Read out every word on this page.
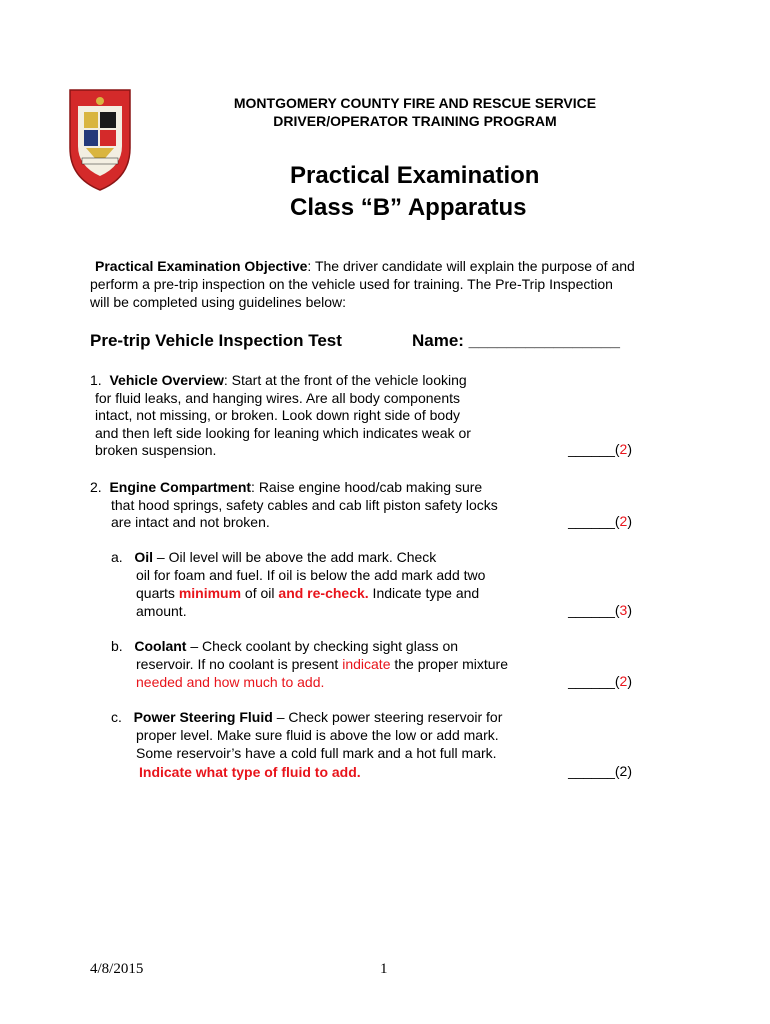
MONTGOMERY COUNTY FIRE AND RESCUE SERVICE
DRIVER/OPERATOR TRAINING PROGRAM
Practical Examination
Class “B” Apparatus
Practical Examination Objective: The driver candidate will explain the purpose of and
perform a pre-trip inspection on the vehicle used for training. The Pre-Trip Inspection
will be completed using guidelines below:
Pre-trip Vehicle Inspection Test	Name: ________________
1. Vehicle Overview: Start at the front of the vehicle looking
for fluid leaks, and hanging wires. Are all body components
intact, not missing, or broken. Look down right side of body
and then left side looking for leaning which indicates weak or
broken suspension.	______(2)
2. Engine Compartment: Raise engine hood/cab making sure
that hood springs, safety cables and cab lift piston safety locks
are intact and not broken.	______(2)
a. Oil – Oil level will be above the add mark. Check
oil for foam and fuel. If oil is below the add mark add two
quarts minimum of oil and re-check. Indicate type and
amount.	______(3)
b. Coolant – Check coolant by checking sight glass on
reservoir. If no coolant is present indicate the proper mixture
needed and how much to add.	______(2)
c. Power Steering Fluid – Check power steering reservoir for
proper level. Make sure fluid is above the low or add mark.
Some reservoir’s have a cold full mark and a hot full mark.
Indicate what type of fluid to add.	______(2)
4/8/2015	1
